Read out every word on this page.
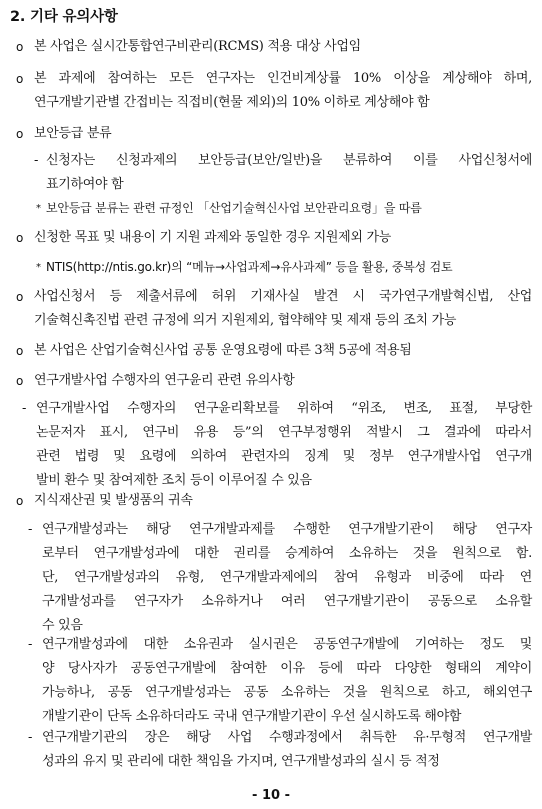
2. 기타 유의사항
o 본 사업은 실시간통합연구비관리(RCMS) 적용 대상 사업임
o 본 과제에 참여하는 모든 연구자는 인건비계상률 10% 이상을 계상해야 하며,
연구개발기관별 간접비는 직접비(현물 제외)의 10% 이하로 계상해야 함
o 보안등급 분류
- 신청자는 신청과제의 보안등급(보안/일반)을 분류하여 이를 사업신청서에
표기하여야 함
* 보안등급 분류는 관련 규정인 「산업기술혁신사업 보안관리요령」을 따름
o 신청한 목표 및 내용이 기 지원 과제와 동일한 경우 지원제외 가능
* NTIS(http://ntis.go.kr)의 “메뉴→사업과제→유사과제” 등을 활용, 중복성 검토
o 사업신청서 등 제출서류에 허위 기재사실 발견 시 국가연구개발혁신법, 산업
기술혁신촉진법 관련 규정에 의거 지원제외, 협약해약 및 제재 등의 조치 가능
o 본 사업은 산업기술혁신사업 공통 운영요령에 따른 3책 5공에 적용됨
o 연구개발사업 수행자의 연구윤리 관련 유의사항
- 연구개발사업 수행자의 연구윤리확보를 위하여 “위조, 변조, 표절, 부당한
논문저자 표시, 연구비 유용 등”의 연구부정행위 적발시 그 결과에 따라서
관련 법령 및 요령에 의하여 관련자의 징계 및 정부 연구개발사업 연구개
발비 환수 및 참여제한 조치 등이 이루어질 수 있음
o 지식재산권 및 발생품의 귀속
- 연구개발성과는 해당 연구개발과제를 수행한 연구개발기관이 해당 연구자
로부터 연구개발성과에 대한 권리를 승계하여 소유하는 것을 원칙으로 함.
단, 연구개발성과의 유형, 연구개발과제에의 참여 유형과 비중에 따라 연
구개발성과를 연구자가 소유하거나 여러 연구개발기관이 공동으로 소유할
수 있음
- 연구개발성과에 대한 소유권과 실시권은 공동연구개발에 기여하는 정도 및
양 당사자가 공동연구개발에 참여한 이유 등에 따라 다양한 형태의 계약이
가능하나, 공동 연구개발성과는 공동 소유하는 것을 원칙으로 하고, 해외연구
개발기관이 단독 소유하더라도 국내 연구개발기관이 우선 실시하도록 해야함
- 연구개발기관의 장은 해당 사업 수행과정에서 취득한 유·무형적 연구개발
성과의 유지 및 관리에 대한 책임을 가지며, 연구개발성과의 실시 등 적정
- 10 -
